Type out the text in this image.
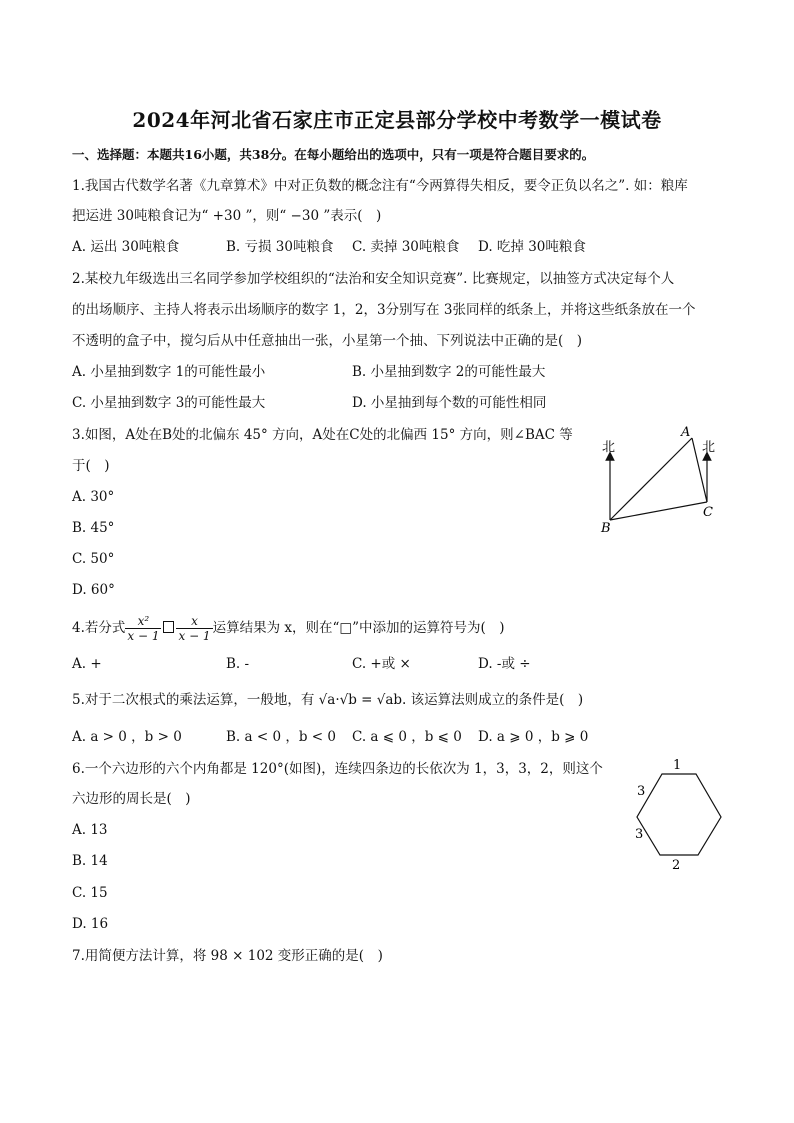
2024年河北省石家庄市正定县部分学校中考数学一模试卷
一、选择题：本题共16小题，共38分。在每小题给出的选项中，只有一项是符合题目要求的。
1.我国古代数学名著《九章算术》中对正负数的概念注有“今两算得失相反，要令正负以名之”. 如：粮库
把运进 30吨粮食记为“ +30 ”，则“ −30 ”表示(　)
A. 运出 30吨粮食	B. 亏损 30吨粮食 C. 卖掉 30吨粮食 D. 吃掉 30吨粮食
2.某校九年级选出三名同学参加学校组织的“法治和安全知识竞赛”. 比赛规定，以抽签方式决定每个人
的出场顺序、主持人将表示出场顺序的数字 1，2，3分别写在 3张同样的纸条上，并将这些纸条放在一个
不透明的盒子中，搅匀后从中任意抽出一张，小星第一个抽、下列说法中正确的是(　)
A. 小星抽到数字 1的可能性最小	B. 小星抽到数字 2的可能性最大
C. 小星抽到数字 3的可能性最大	D. 小星抽到每个数的可能性相同
3.如图，A处在B处的北偏东 45° 方向，A处在C处的北偏西 15° 方向，则∠BAC 等
于(　)
A. 30°
B. 45°
C. 50°
D. 60°
北	北
A
B
C
4.若分式 $\frac{\text{x²}}{x - 1} \frac{x}{x - 1}$ 运算结果为 x，则在“□”中添加的运算符号为(　)
A. +	B. -	C. +或 ×	D. -或 ÷
5.对于二次根式的乘法运算，一般地，有 √a·√b = √ab. 该运算法则成立的条件是(　)
A. a > 0 ，b > 0	B. a < 0 ，b < 0 C. a ⩽ 0 ，b ⩽ 0 D. a ⩾ 0 ，b ⩾ 0
6.一个六边形的六个内角都是 120°(如图)，连续四条边的长依次为 1，3，3，2，则这个
六边形的周长是(　)
A. 13
B. 14
C. 15
D. 16
1
3
3
2
7.用简便方法计算，将 98 × 102 变形正确的是(　)
